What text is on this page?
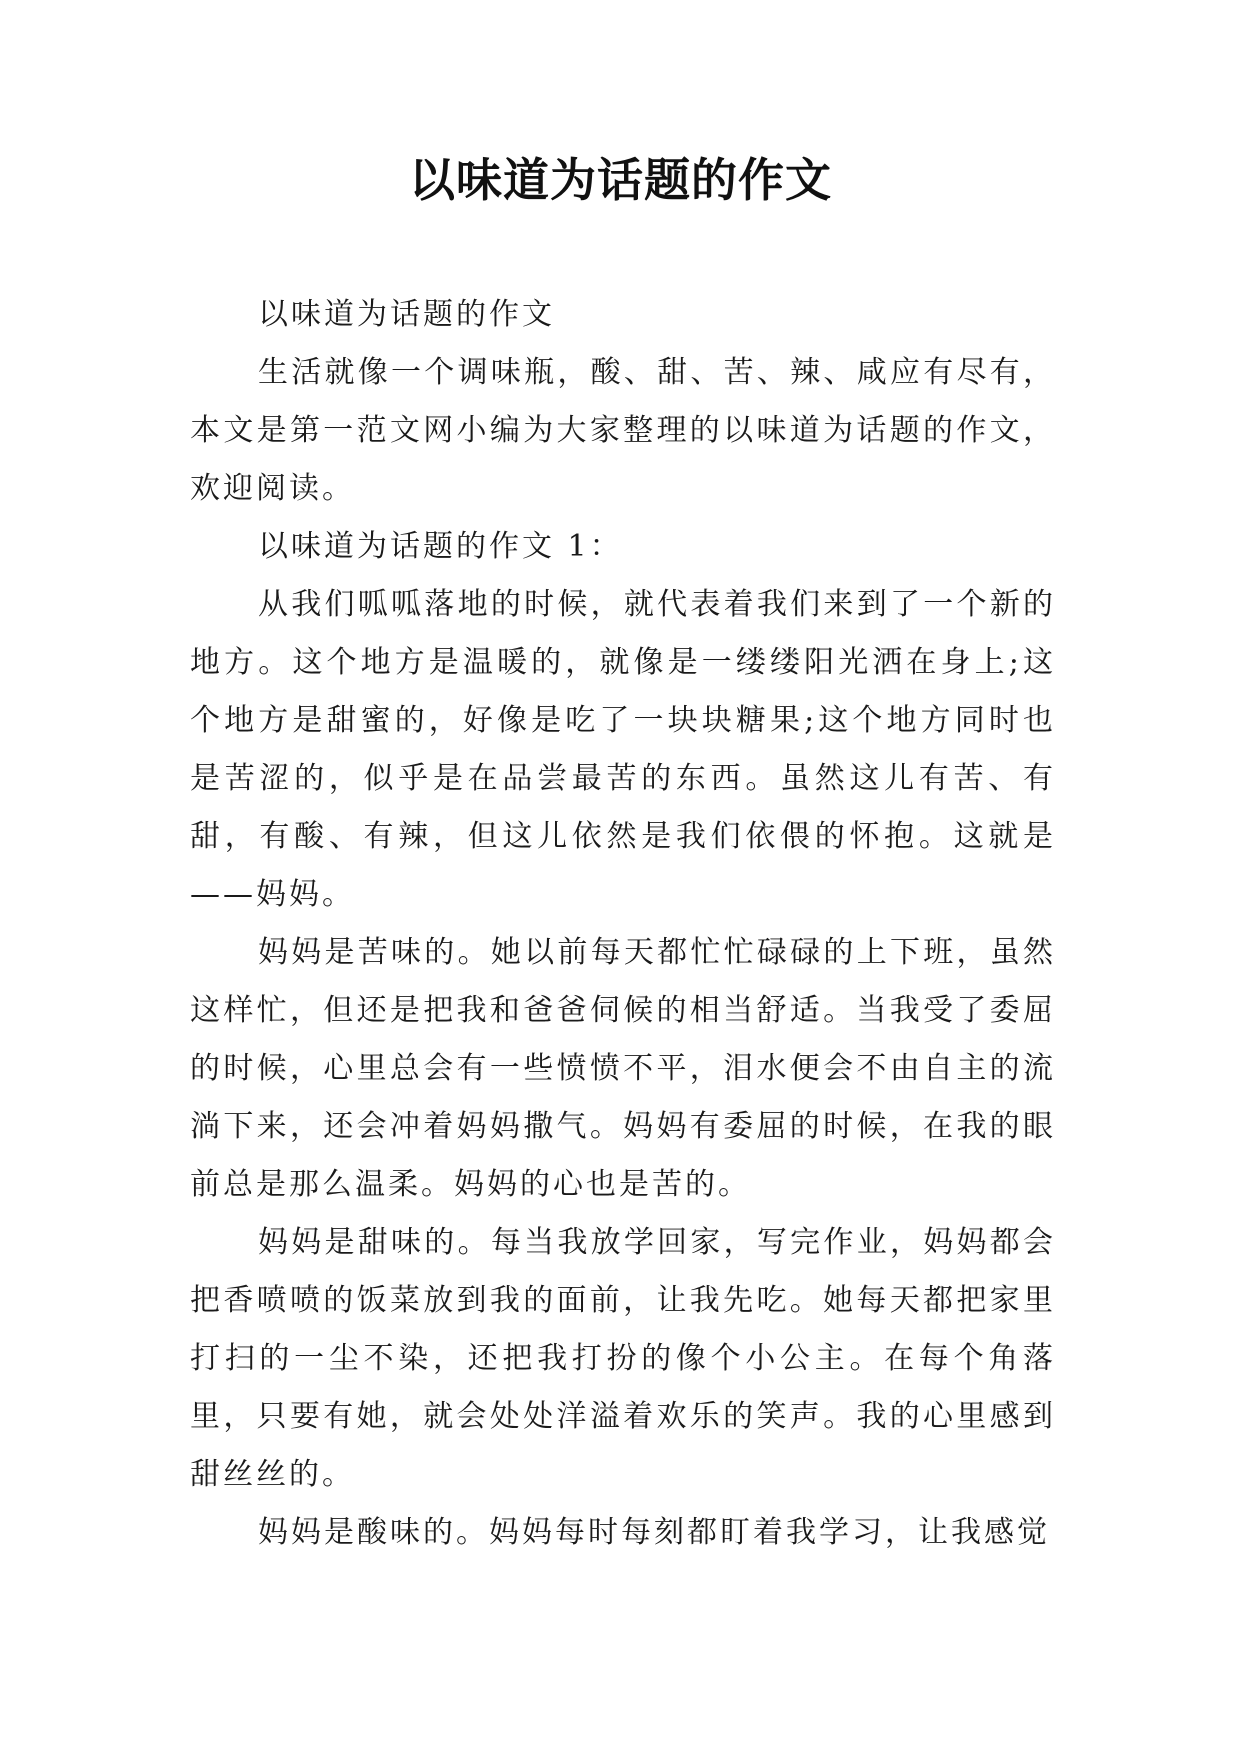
以味道为话题的作文

以味道为话题的作文

生活就像一个调味瓶，酸、甜、苦、辣、咸应有尽有，本文是第一范文网小编为大家整理的以味道为话题的作文，欢迎阅读。

以味道为话题的作文 1：

从我们呱呱落地的时候，就代表着我们来到了一个新的地方。这个地方是温暖的，就像是一缕缕阳光洒在身上;这个地方是甜蜜的，好像是吃了一块块糖果;这个地方同时也是苦涩的，似乎是在品尝最苦的东西。虽然这儿有苦、有甜，有酸、有辣，但这儿依然是我们依偎的怀抱。这就是——妈妈。

妈妈是苦味的。她以前每天都忙忙碌碌的上下班，虽然这样忙，但还是把我和爸爸伺候的相当舒适。当我受了委屈的时候，心里总会有一些愤愤不平，泪水便会不由自主的流淌下来，还会冲着妈妈撒气。妈妈有委屈的时候，在我的眼前总是那么温柔。妈妈的心也是苦的。

妈妈是甜味的。每当我放学回家，写完作业，妈妈都会把香喷喷的饭菜放到我的面前，让我先吃。她每天都把家里打扫的一尘不染，还把我打扮的像个小公主。在每个角落里，只要有她，就会处处洋溢着欢乐的笑声。我的心里感到甜丝丝的。

妈妈是酸味的。妈妈每时每刻都盯着我学习，让我感觉
